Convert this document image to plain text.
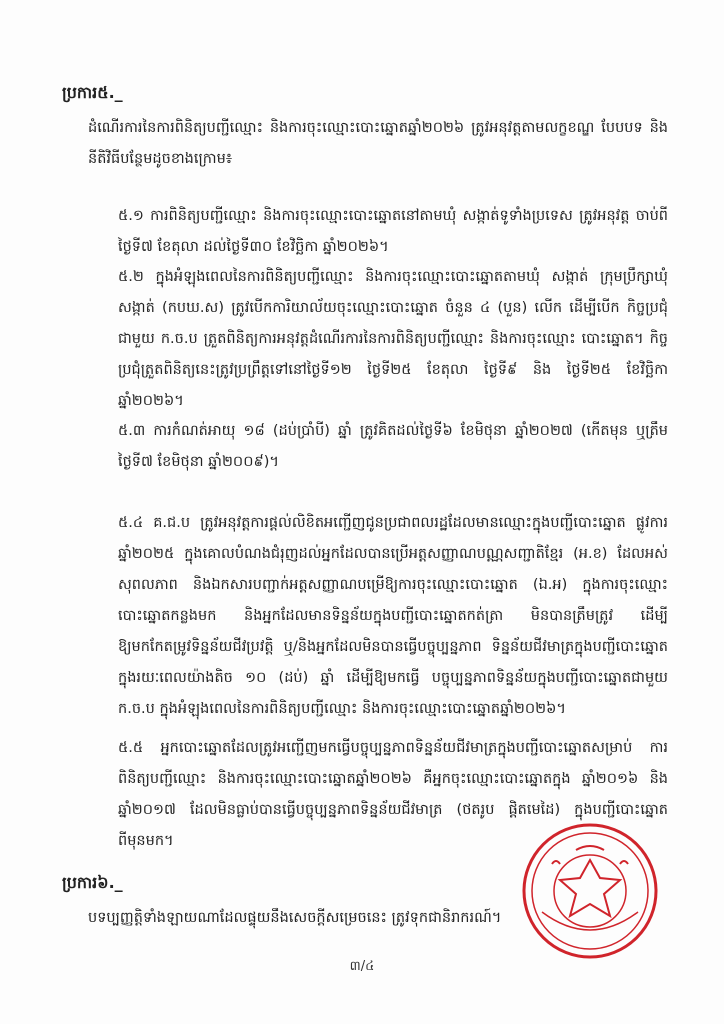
ប្រការ៥._
ដំណើរការនៃការពិនិត្យបញ្ជីឈ្មោះ និងការចុះឈ្មោះបោះឆ្នោតឆ្នាំ២០២៦ ត្រូវអនុវត្តតាមលក្ខខណ្ឌ បែបបទ និងនីតិវិធីបន្ថែមដូចខាងក្រោម៖
៥.១ ការពិនិត្យបញ្ជីឈ្មោះ និងការចុះឈ្មោះបោះឆ្នោតនៅតាមឃុំ សង្កាត់ទូទាំងប្រទេស ត្រូវអនុវត្ត ចាប់ពីថ្ងៃទី៧ ខែតុលា ដល់ថ្ងៃទី៣០ ខែវិច្ឆិកា ឆ្នាំ២០២៦។
៥.២ ក្នុងអំឡុងពេលនៃការពិនិត្យបញ្ជីឈ្មោះ និងការចុះឈ្មោះបោះឆ្នោតតាមឃុំ សង្កាត់ ក្រុមប្រឹក្សាឃុំ សង្កាត់ (កបឃ.ស) ត្រូវបើកការិយាល័យចុះឈ្មោះបោះឆ្នោត ចំនួន ៤ (បួន) លើក ដើម្បីបើក កិច្ចប្រជុំជាមួយ ក.ច.ប ត្រួតពិនិត្យការអនុវត្តដំណើរការនៃការពិនិត្យបញ្ជីឈ្មោះ និងការចុះឈ្មោះ បោះឆ្នោត។ កិច្ចប្រជុំត្រួតពិនិត្យនេះត្រូវប្រព្រឹត្តទៅនៅថ្ងៃទី១២ ថ្ងៃទី២៥ ខែតុលា ថ្ងៃទី៩ និង ថ្ងៃទី២៥ ខែវិច្ឆិកា ឆ្នាំ២០២៦។
៥.៣ ការកំណត់អាយុ ១៨ (ដប់ប្រាំបី) ឆ្នាំ ត្រូវគិតដល់ថ្ងៃទី៦ ខែមិថុនា ឆ្នាំ២០២៧ (កើតមុន ឬត្រឹម ថ្ងៃទី៧ ខែមិថុនា ឆ្នាំ២០០៩)។
៥.៤ គ.ជ.ប ត្រូវអនុវត្តការផ្ដល់លិខិតអញ្ជើញជូនប្រជាពលរដ្ឋដែលមានឈ្មោះក្នុងបញ្ជីបោះឆ្នោត ផ្លូវការឆ្នាំ២០២៥ ក្នុងគោលបំណងជំរុញដល់អ្នកដែលបានប្រើអត្តសញ្ញាណបណ្ណសញ្ជាតិខ្មែរ (អ.ខ) ដែលអស់សុពលភាព និងឯកសារបញ្ជាក់អត្តសញ្ញាណបម្រើឱ្យការចុះឈ្មោះបោះឆ្នោត (ឯ.អ) ក្នុងការចុះឈ្មោះបោះឆ្នោតកន្លងមក និងអ្នកដែលមានទិន្នន័យក្នុងបញ្ជីបោះឆ្នោតកត់ត្រា មិនបានត្រឹមត្រូវ ដើម្បីឱ្យមកកែតម្រូវទិន្នន័យជីវប្រវត្តិ ឬ/និងអ្នកដែលមិនបានធ្វើបច្ចុប្បន្នភាព ទិន្នន័យជីវមាត្រក្នុងបញ្ជីបោះឆ្នោតក្នុងរយៈពេលយ៉ាងតិច ១០ (ដប់) ឆ្នាំ ដើម្បីឱ្យមកធ្វើ បច្ចុប្បន្នភាពទិន្នន័យក្នុងបញ្ជីបោះឆ្នោតជាមួយ ក.ច.ប ក្នុងអំឡុងពេលនៃការពិនិត្យបញ្ជីឈ្មោះ និងការចុះឈ្មោះបោះឆ្នោតឆ្នាំ២០២៦។
៥.៥ អ្នកបោះឆ្នោតដែលត្រូវអញ្ជើញមកធ្វើបច្ចុប្បន្នភាពទិន្នន័យជីវមាត្រក្នុងបញ្ជីបោះឆ្នោតសម្រាប់ ការពិនិត្យបញ្ជីឈ្មោះ និងការចុះឈ្មោះបោះឆ្នោតឆ្នាំ២០២៦ គឺអ្នកចុះឈ្មោះបោះឆ្នោតក្នុង ឆ្នាំ២០១៦ និងឆ្នាំ២០១៧ ដែលមិនធ្លាប់បានធ្វើបច្ចុប្បន្នភាពទិន្នន័យជីវមាត្រ (ថតរូប ផ្តិតមេដៃ) ក្នុងបញ្ជីបោះឆ្នោត ពីមុនមក។
ប្រការ៦._
បទប្បញ្ញត្តិទាំងឡាយណាដែលផ្ទុយនឹងសេចក្តីសម្រេចនេះ ត្រូវទុកជានិរាករណ៍។
៣/៤
